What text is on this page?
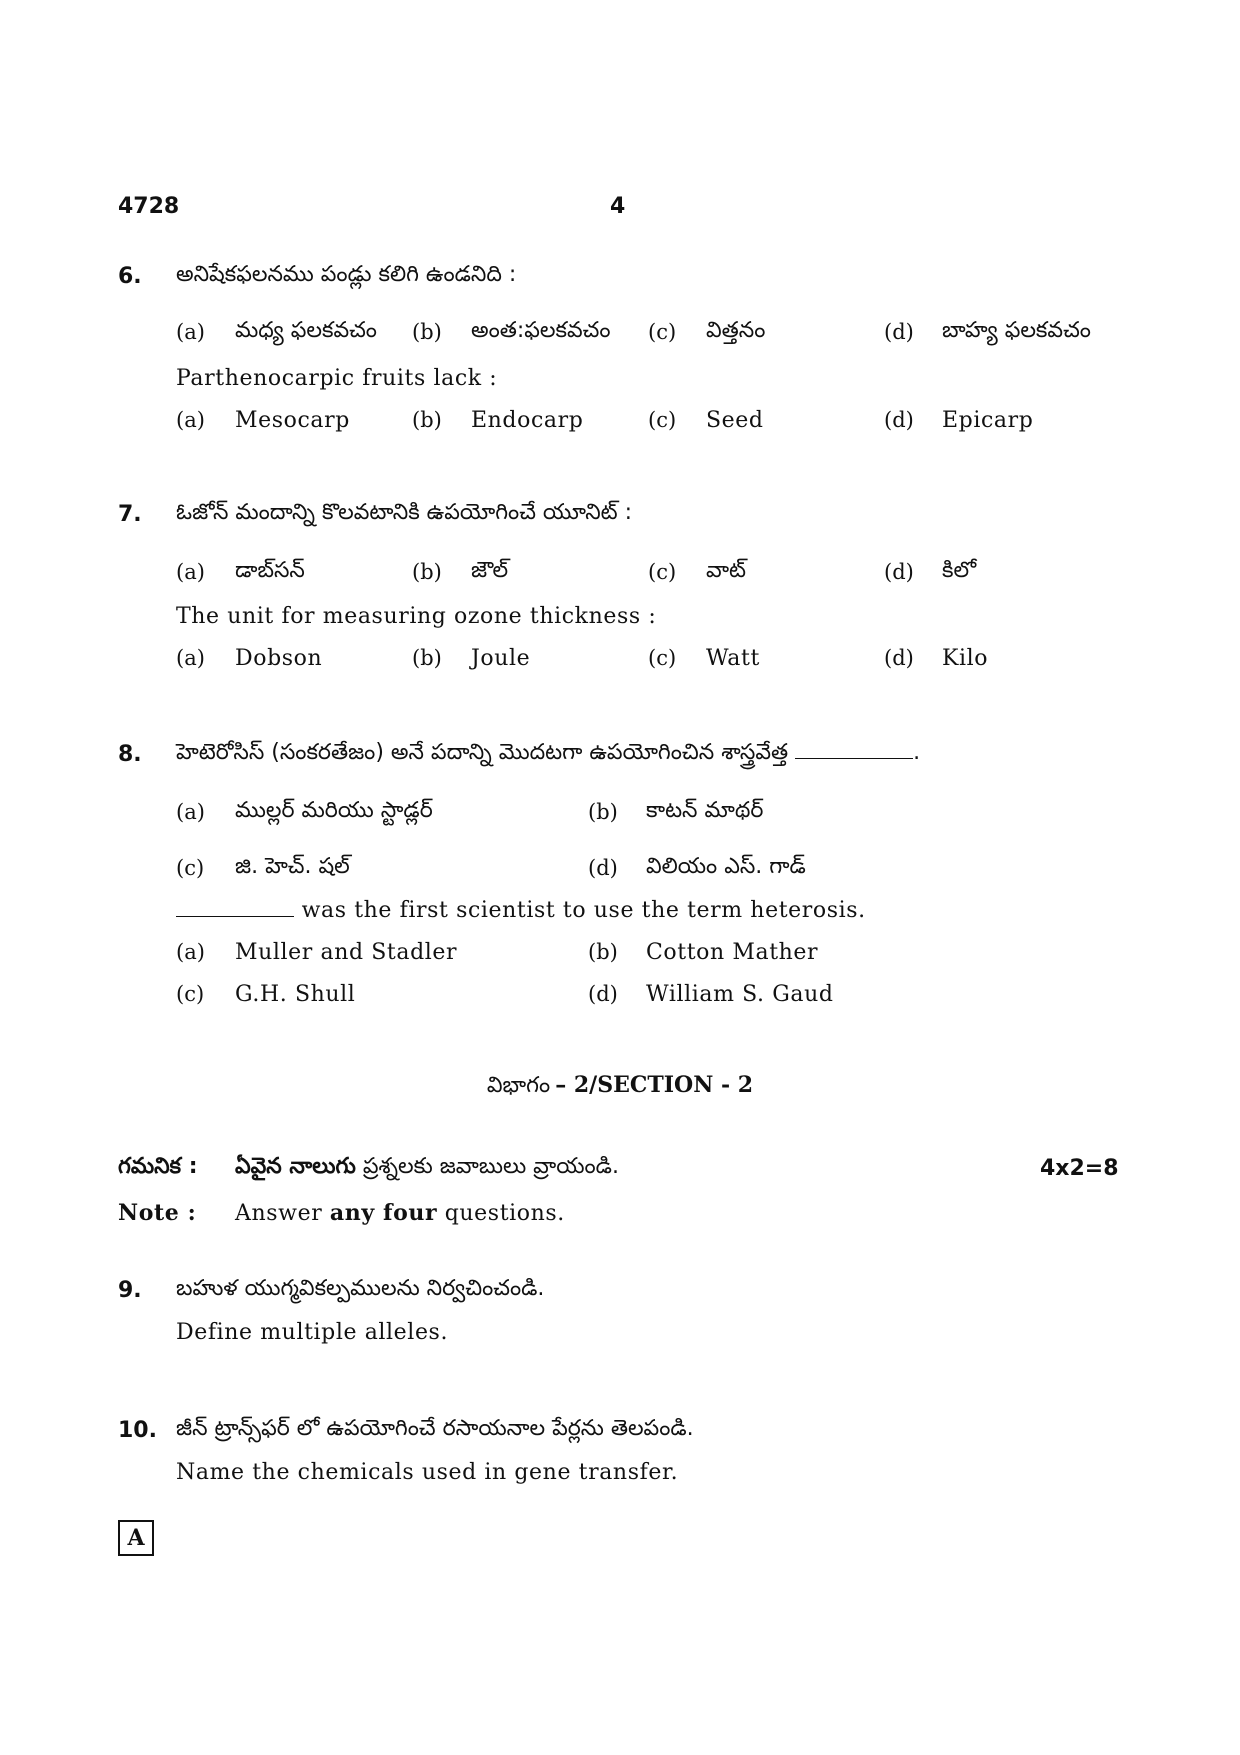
4728	4
6. అనిషేకఫలనము పండ్లు కలిగి ఉండనిది :
(a) మధ్య ఫలకవచం (b) అంత:ఫలకవచం (c) విత్తనం	(d) బాహ్య ఫలకవచం
Parthenocarpic fruits lack :
(a) Mesocarp	(b) Endocarp	(c) Seed	(d) Epicarp
7. ఓజోన్ మందాన్ని కొలవటానికి ఉపయోగించే యూనిట్ :
(a) డాబ్‌సన్	(b) జౌల్	(c) వాట్	(d) కిలో
The unit for measuring ozone thickness :
(a) Dobson	(b) Joule	(c) Watt	(d) Kilo
8. హెటెరోసిస్ (సంకరతేజం) అనే పదాన్ని మొదటగా ఉపయోగించిన శాస్త్రవేత్త	.
(a) ముల్లర్ మరియు స్టాడ్లర్	(b) కాటన్ మాథర్
(c) జి. హెచ్. షల్	(d) విలియం ఎస్. గాడ్
was the first scientist to use the term heterosis.
(a) Muller and Stadler	(b) Cotton Mather
(c) G.H. Shull	(d) William S. Gaud
విభాగం – 2/SECTION - 2
గమనిక : ఏవైన నాలుగు ప్రశ్నలకు జవాబులు వ్రాయండి.	4x2=8
Note : Answer any four questions.
9. బహుళ యుగ్మవికల్పములను నిర్వచించండి.
Define multiple alleles.
10. జీన్ ట్రాన్స్‌ఫర్ లో ఉపయోగించే రసాయనాల పేర్లను తెలపండి.
Name the chemicals used in gene transfer.
A
